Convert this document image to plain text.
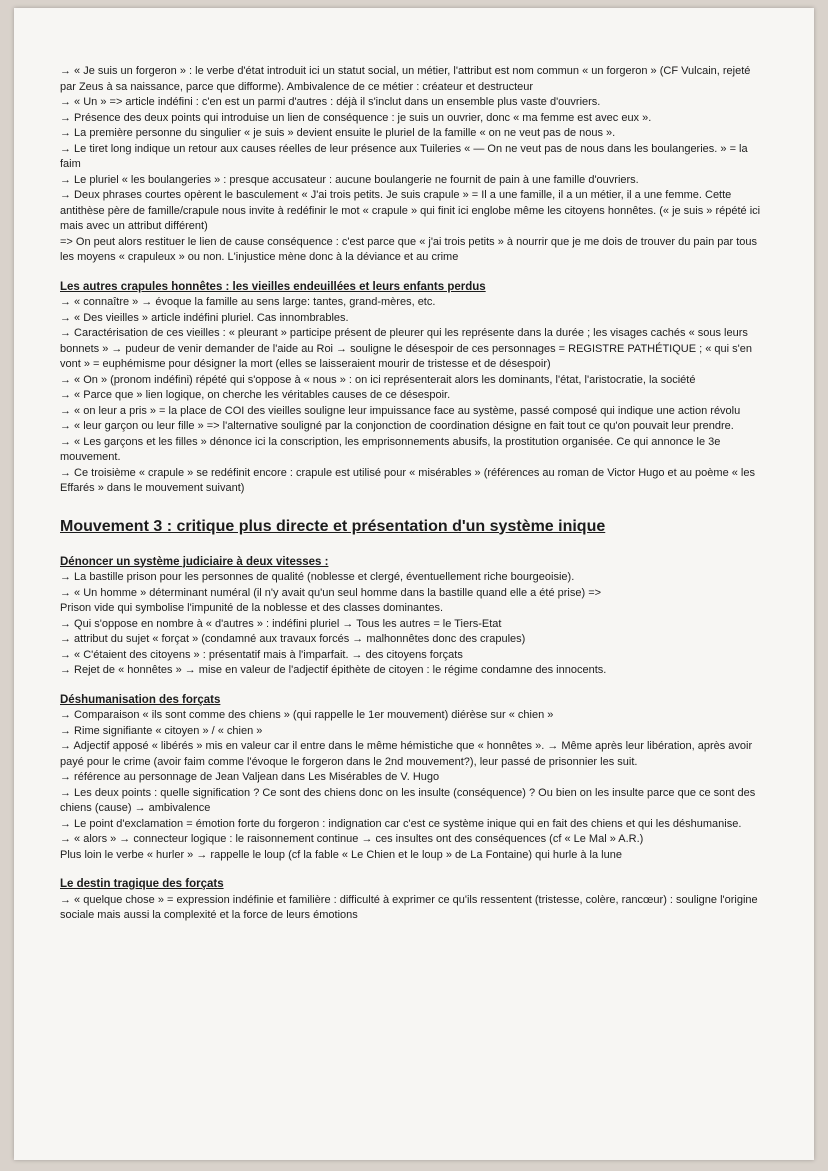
→ « Je suis un forgeron » : le verbe d'état introduit ici un statut social, un métier, l'attribut est nom commun « un forgeron » (CF Vulcain, rejeté par Zeus à sa naissance, parce que difforme). Ambivalence de ce métier : créateur et destructeur

→ « Un » => article indéfini : c'en est un parmi d'autres : déjà il s'inclut dans un ensemble plus vaste d'ouvriers.

→ Présence des deux points qui introduise un lien de conséquence : je suis un ouvrier, donc « ma femme est avec eux ».

→ La première personne du singulier « je suis » devient ensuite le pluriel de la famille « on ne veut pas de nous ».

→ Le tiret long indique un retour aux causes réelles de leur présence aux Tuileries « — On ne veut pas de nous dans les boulangeries. » = la faim

→ Le pluriel « les boulangeries » : presque accusateur : aucune boulangerie ne fournit de pain à une famille d'ouvriers.

→ Deux phrases courtes opèrent le basculement « J'ai trois petits. Je suis crapule » = Il a une famille, il a un métier, il a une femme. Cette antithèse père de famille/crapule nous invite à redéfinir le mot « crapule » qui finit ici englobe même les citoyens honnêtes. (« je suis » répété ici mais avec un attribut différent)

=> On peut alors restituer le lien de cause conséquence : c'est parce que « j'ai trois petits » à nourrir que je me dois de trouver du pain par tous les moyens « crapuleux » ou non. L'injustice mène donc à la déviance et au crime

Les autres crapules honnêtes : les vieilles endeuillées et leurs enfants perdus

→ « connaître » → évoque la famille au sens large: tantes, grand-mères, etc.

→ « Des vieilles » article indéfini pluriel. Cas innombrables.

→ Caractérisation de ces vieilles : « pleurant » participe présent de pleurer qui les représente dans la durée ; les visages cachés « sous leurs bonnets » → pudeur de venir demander de l'aide au Roi → souligne le désespoir de ces personnages = REGISTRE PATHÉTIQUE ; « qui s'en vont » = euphémisme pour désigner la mort (elles se laisseraient mourir de tristesse et de désespoir)

→ « On » (pronom indéfini) répété qui s'oppose à « nous » : on ici représenterait alors les dominants, l'état, l'aristocratie, la société

→ « Parce que » lien logique, on cherche les véritables causes de ce désespoir.

→ « on leur a pris » = la place de COI des vieilles souligne leur impuissance face au système, passé composé qui indique une action révolu

→ « leur garçon ou leur fille » => l'alternative souligné par la conjonction de coordination désigne en fait tout ce qu'on pouvait leur prendre.

→ « Les garçons et les filles » dénonce ici la conscription, les emprisonnements abusifs, la prostitution organisée. Ce qui annonce le 3e mouvement.

→ Ce troisième « crapule » se redéfinit encore : crapule est utilisé pour « misérables » (références au roman de Victor Hugo et au poème « les Effarés » dans le mouvement suivant)

Mouvement 3 : critique plus directe et présentation d'un système inique

Dénoncer un système judiciaire à deux vitesses :

→ La bastille prison pour les personnes de qualité (noblesse et clergé, éventuellement riche bourgeoisie).

→ « Un homme » déterminant numéral (il n'y avait qu'un seul homme dans la bastille quand elle a été prise) =>

Prison vide qui symbolise l'impunité de la noblesse et des classes dominantes.

→ Qui s'oppose en nombre à « d'autres » : indéfini pluriel → Tous les autres = le Tiers-Etat

→ attribut du sujet « forçat » (condamné aux travaux forcés → malhonnêtes donc des crapules)

→ « C'étaient des citoyens » : présentatif mais à l'imparfait. → des citoyens forçats

→ Rejet de « honnêtes » → mise en valeur de l'adjectif épithète de citoyen : le régime condamne des innocents.

Déshumanisation des forçats

→ Comparaison « ils sont comme des chiens » (qui rappelle le 1er mouvement) diérèse sur « chien »

→ Rime signifiante « citoyen » / « chien »

→ Adjectif apposé « libérés » mis en valeur car il entre dans le même hémistiche que « honnêtes ». → Même après leur libération, après avoir payé pour le crime (avoir faim comme l'évoque le forgeron dans le 2nd mouvement?), leur passé de prisonnier les suit.

→ référence au personnage de Jean Valjean dans Les Misérables de V. Hugo

→ Les deux points : quelle signification ? Ce sont des chiens donc on les insulte (conséquence) ? Ou bien on les insulte parce que ce sont des chiens (cause) → ambivalence

→ Le point d'exclamation = émotion forte du forgeron : indignation car c'est ce système inique qui en fait des chiens et qui les déshumanise.

→ « alors » → connecteur logique : le raisonnement continue → ces insultes ont des conséquences (cf « Le Mal » A.R.)

Plus loin le verbe « hurler » → rappelle le loup (cf la fable « Le Chien et le loup » de La Fontaine) qui hurle à la lune

Le destin tragique des forçats

→ « quelque chose » = expression indéfinie et familière : difficulté à exprimer ce qu'ils ressentent (tristesse, colère, rancœur) : souligne l'origine sociale mais aussi la complexité et la force de leurs émotions
